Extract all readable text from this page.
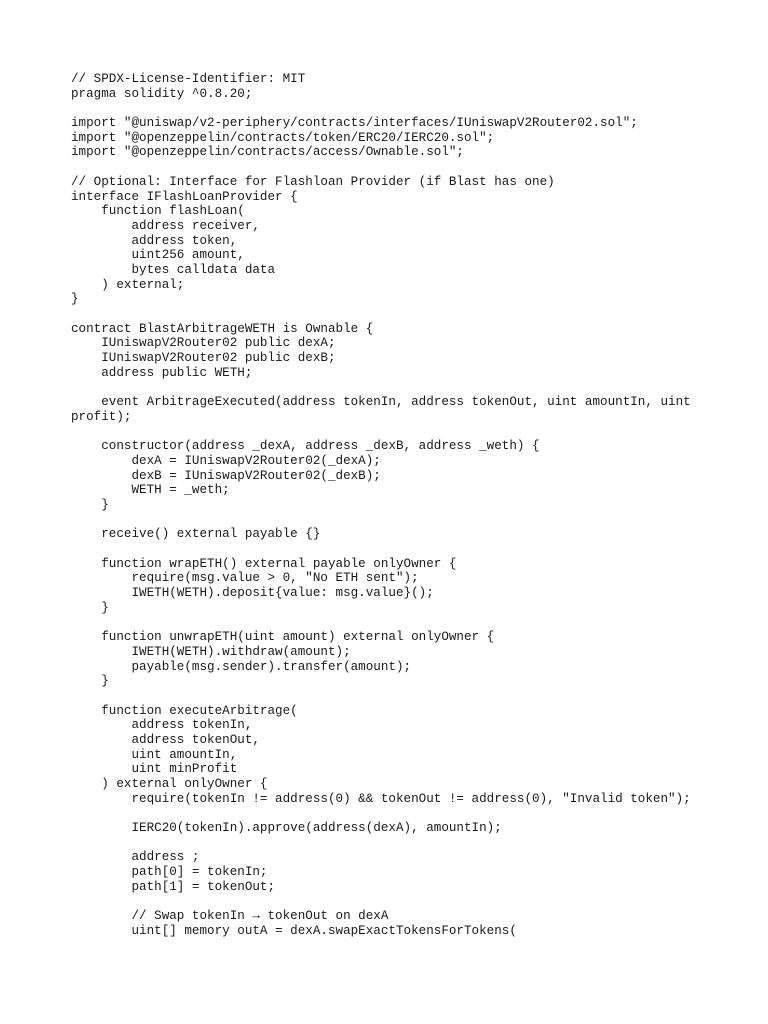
// SPDX-License-Identifier: MIT
pragma solidity ^0.8.20;
import "@uniswap/v2-periphery/contracts/interfaces/IUniswapV2Router02.sol";
import "@openzeppelin/contracts/token/ERC20/IERC20.sol";
import "@openzeppelin/contracts/access/Ownable.sol";
// Optional: Interface for Flashloan Provider (if Blast has one)
interface IFlashLoanProvider {
function flashLoan(
address receiver,
address token,
uint256 amount,
bytes calldata data
) external;
}
contract BlastArbitrageWETH is Ownable {
IUniswapV2Router02 public dexA;
IUniswapV2Router02 public dexB;
address public WETH;
event ArbitrageExecuted(address tokenIn, address tokenOut, uint amountIn, uint
profit);
constructor(address _dexA, address _dexB, address _weth) {
dexA = IUniswapV2Router02(_dexA);
dexB = IUniswapV2Router02(_dexB);
WETH = _weth;
}
receive() external payable {}
function wrapETH() external payable onlyOwner {
require(msg.value > 0, "No ETH sent");
IWETH(WETH).deposit{value: msg.value}();
}
function unwrapETH(uint amount) external onlyOwner {
IWETH(WETH).withdraw(amount);
payable(msg.sender).transfer(amount);
}
function executeArbitrage(
address tokenIn,
address tokenOut,
uint amountIn,
uint minProfit
) external onlyOwner {
require(tokenIn != address(0) && tokenOut != address(0), "Invalid token");
IERC20(tokenIn).approve(address(dexA), amountIn);
address ;
path[0] = tokenIn;
path[1] = tokenOut;
// Swap tokenIn → tokenOut on dexA
uint[] memory outA = dexA.swapExactTokensForTokens(
